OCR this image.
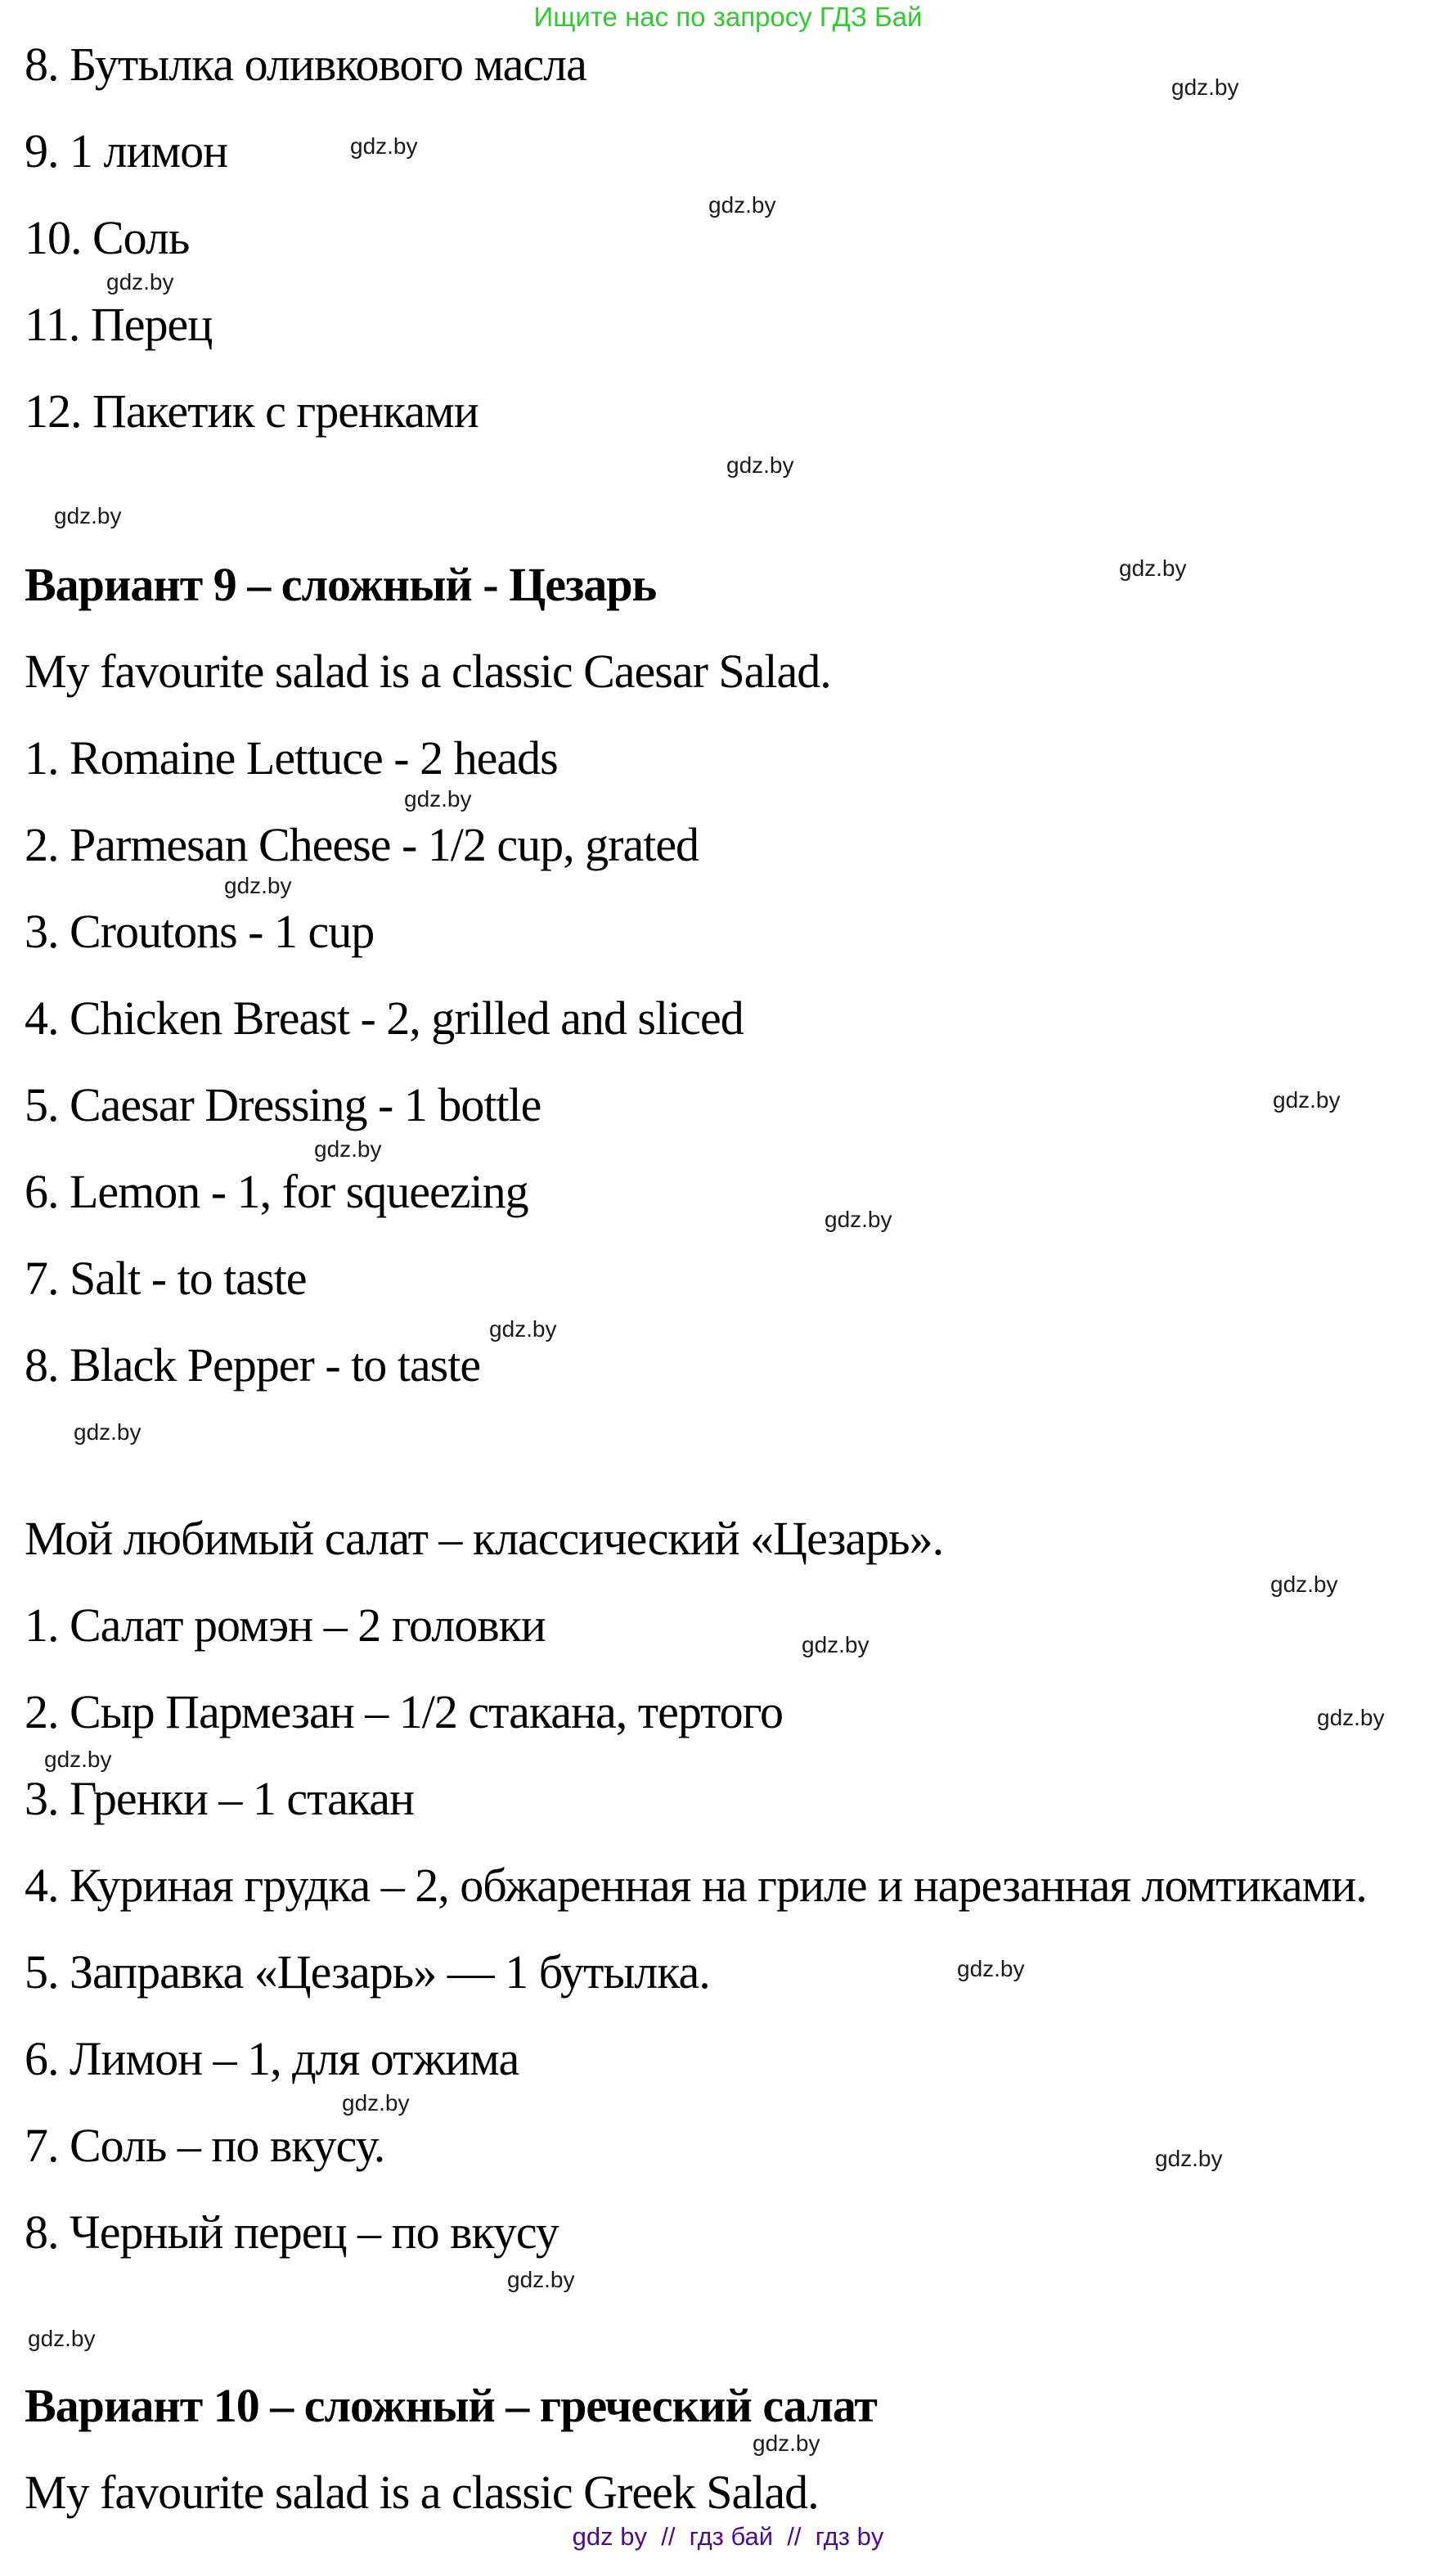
Ищите нас по запросу ГДЗ Бай
8. Бутылка оливкового масла
9. 1 лимон
10. Соль
11. Перец
12. Пакетик с гренками
Вариант 9 – сложный - Цезарь
My favourite salad is a classic Caesar Salad.
1. Romaine Lettuce - 2 heads
2. Parmesan Cheese - 1/2 cup, grated
3. Croutons - 1 cup
4. Chicken Breast - 2, grilled and sliced
5. Caesar Dressing - 1 bottle
6. Lemon - 1, for squeezing
7. Salt - to taste
8. Black Pepper - to taste
Мой любимый салат – классический «Цезарь».
1. Салат ромэн – 2 головки
2. Сыр Пармезан – 1/2 стакана, тертого
3. Гренки – 1 стакан
4. Куриная грудка – 2, обжаренная на гриле и нарезанная ломтиками.
5. Заправка «Цезарь» — 1 бутылка.
6. Лимон – 1, для отжима
7. Соль – по вкусу.
8. Черный перец – по вкусу
Вариант 10 – сложный – греческий салат
My favourite salad is a classic Greek Salad.
gdz.by
gdz.by
gdz.by
gdz.by
gdz.by
gdz.by
gdz.by
gdz.by
gdz.by
gdz.by
gdz.by
gdz.by
gdz.by
gdz.by
gdz.by
gdz.by
gdz.by
gdz.by
gdz.by
gdz.by
gdz.by
gdz.by
gdz.by
gdz.by
gdz by  //  гдз бай  //  гдз by
